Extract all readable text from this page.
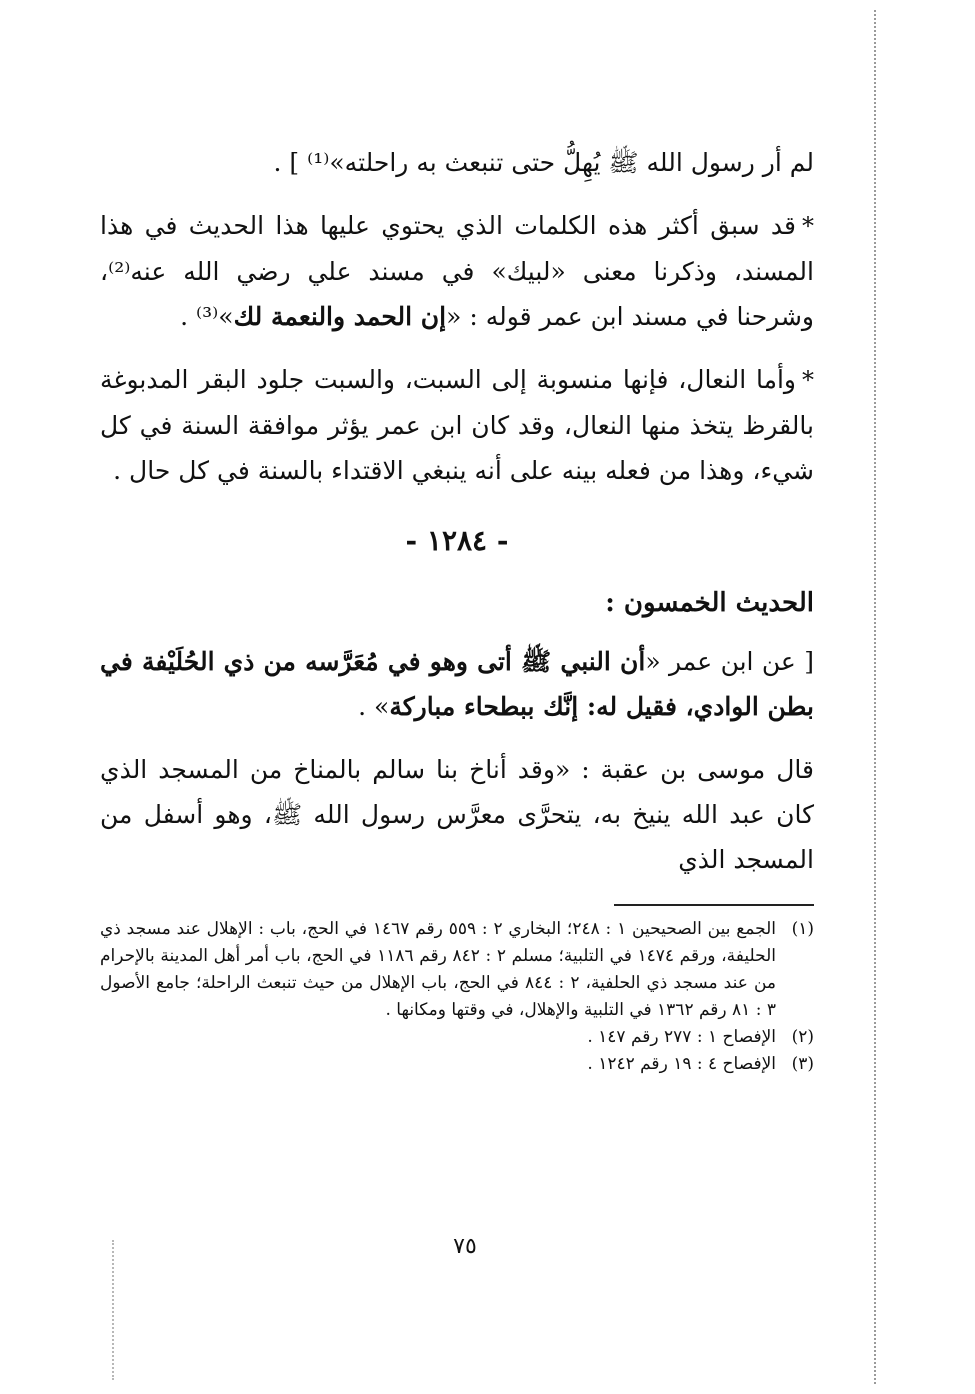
لم أر رسول الله ﷺ يُهِلُّ حتى تنبعث به راحلته»⁽¹⁾ ] .

*قد سبق أكثر هذه الكلمات الذي يحتوي عليها هذا الحديث في هذا المسند، وذكرنا معنى «لبيك» في مسند علي رضي الله عنه⁽²⁾، وشرحنا في مسند ابن عمر قوله : «إن الحمد والنعمة لك»⁽³⁾ .

*وأما النعال، فإنها منسوبة إلى السبت، والسبت جلود البقر المدبوغة بالقرظ يتخذ منها النعال، وقد كان ابن عمر يؤثر موافقة السنة في كل شيء، وهذا من فعله بينه على أنه ينبغي الاقتداء بالسنة في كل حال .

- ١٢٨٤ -
الحديث الخمسون :

[ عن ابن عمر «أن النبي ﷺ أتى وهو في مُعَرَّسه من ذي الحُلَيْفة في بطن الوادي، فقيل له: إنَّك ببطحاء مباركة» .

قال موسى بن عقبة : «وقد أناخ بنا سالم بالمناخ من المسجد الذي كان عبد الله ينيخ به، يتحرَّى معرَّس رسول الله ﷺ، وهو أسفل من المسجد الذي

(١)
الجمع بين الصحيحين ١ : ٢٤٨؛ البخاري ٢ : ٥٥٩ رقم ١٤٦٧ في الحج، باب : الإهلال عند مسجد ذي الحليفة، ورقم ١٤٧٤ في التلبية؛ مسلم ٢ : ٨٤٢ رقم ١١٨٦ في الحج، باب أمر أهل المدينة بالإحرام من عند مسجد ذي الحلفية، ٢ : ٨٤٤ في الحج، باب الإهلال من حيث تنبعث الراحلة؛ جامع الأصول ٣ : ٨١ رقم ١٣٦٢ في التلبية والإهلال، في وقتها ومكانها .
(٢)
الإفصاح ١ : ٢٧٧ رقم ١٤٧ .
(٣)
الإفصاح ٤ : ١٩ رقم ١٢٤٢ .
٧٥
